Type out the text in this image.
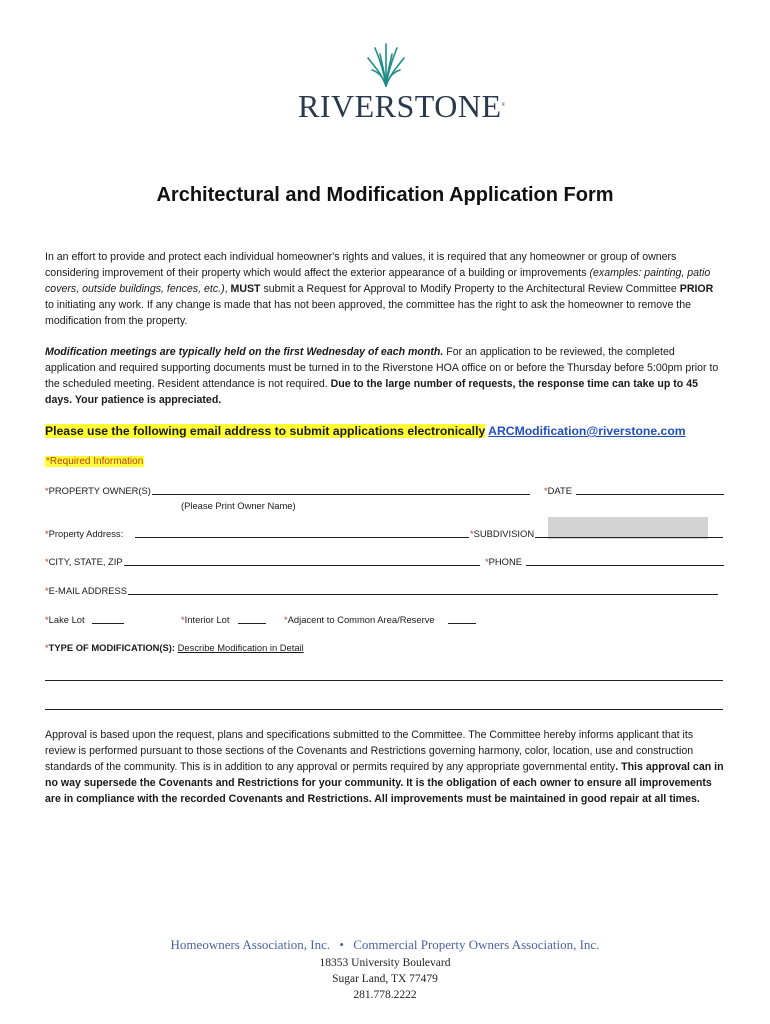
RIVERSTONE®
Architectural and Modification Application Form
In an effort to provide and protect each individual homeowner's rights and values, it is required that any homeowner or group of owners considering improvement of their property which would affect the exterior appearance of a building or improvements (examples: painting, patio covers, outside buildings, fences, etc.), MUST submit a Request for Approval to Modify Property to the Architectural Review Committee PRIOR to initiating any work. If any change is made that has not been approved, the committee has the right to ask the homeowner to remove the modification from the property.
Modification meetings are typically held on the first Wednesday of each month. For an application to be reviewed, the completed application and required supporting documents must be turned in to the Riverstone HOA office on or before the Thursday before 5:00pm prior to the scheduled meeting. Resident attendance is not required. Due to the large number of requests, the response time can take up to 45 days. Your patience is appreciated.
Please use the following email address to submit applications electronically ARCModification@riverstone.com
*Required Information
*PROPERTY OWNER(S)	*DATE
(Please Print Owner Name)
*Property Address:	*SUBDIVISION
*CITY, STATE, ZIP	*PHONE
*E-MAIL ADDRESS
*Lake Lot	*Interior Lot	*Adjacent to Common Area/Reserve
*TYPE OF MODIFICATION(S): Describe Modification in Detail
Approval is based upon the request, plans and specifications submitted to the Committee. The Committee hereby informs applicant that its review is performed pursuant to those sections of the Covenants and Restrictions governing harmony, color, location, use and construction standards of the community. This is in addition to any approval or permits required by any appropriate governmental entity. This approval can in no way supersede the Covenants and Restrictions for your community. It is the obligation of each owner to ensure all improvements are in compliance with the recorded Covenants and Restrictions. All improvements must be maintained in good repair at all times.
Homeowners Association, Inc. • Commercial Property Owners Association, Inc.
18353 University Boulevard
Sugar Land, TX 77479
281.778.2222
